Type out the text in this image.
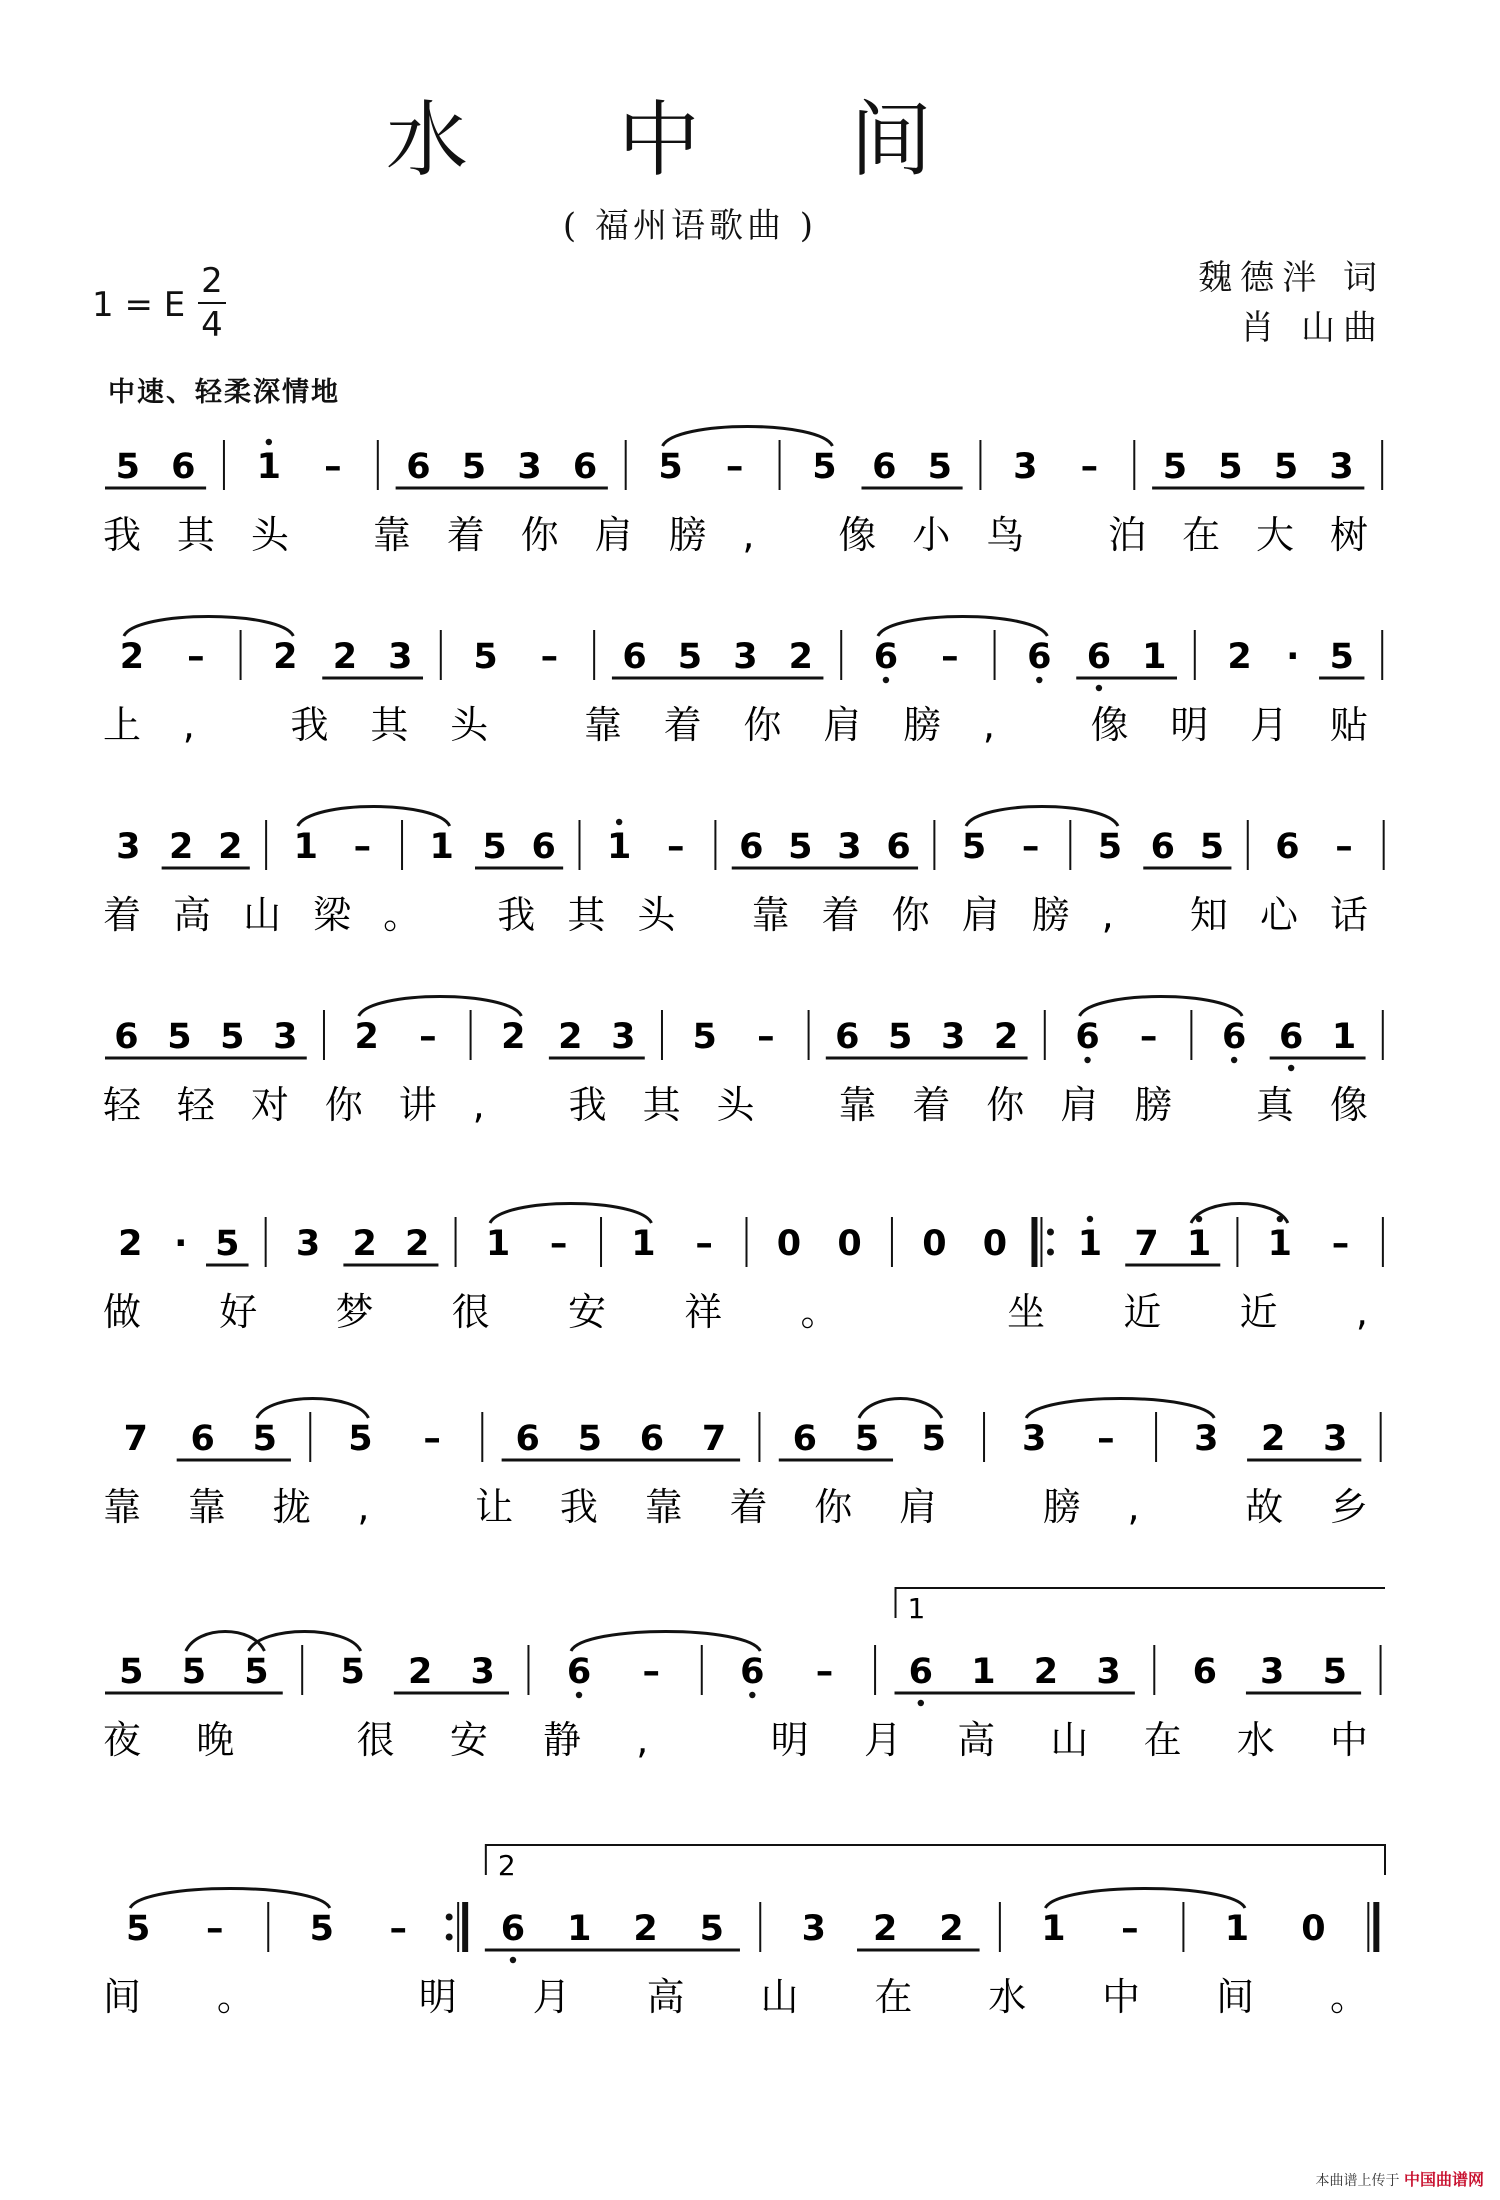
水 中 间
( 福州语歌曲 )
1 = E
2
4
魏德泮 词
肖 山曲
中速、轻柔深情地
5 6 1 – 6 5 3 6 5 – 5 6 5 3 – 5 5 5 3
我其头 靠着你肩膀, 像小鸟 泊在大树
2 – 2 2 3 5 – 6 5 3 2 6 – 6 6 1 2 · 5
上, 我其头 靠着你肩膀, 像明月贴
3 2 2 1 – 1 5 6 1 – 6 5 3 6 5 – 5 6 5 6 –
着高山梁。 我其头 靠着你肩膀, 知心话
6 5 5 3 2 – 2 2 3 5 – 6 5 3 2 6 – 6 6 1
轻轻对你讲, 我其头 靠着你肩膀 真像
2 · 5 3 2 2 1 – 1 – 0 0 0 0 1 7 1 1 –
做好梦很安祥。 坐近近,
7 6 5 5 – 6 5 6 7 6 5 5 3 – 3 2 3
靠靠拢, 让我靠着你肩 膀, 故乡
5 5 5 5 2 3 6 – 6 – 6 1 2 3 6 3 5
夜晚 很安静, 明月高山在水中
1
5 – 5 –	6 1 2 5 3 2 2 1 – 1 0
间。 明月高山在水中间。
2
本曲谱上传于 中国曲谱网
